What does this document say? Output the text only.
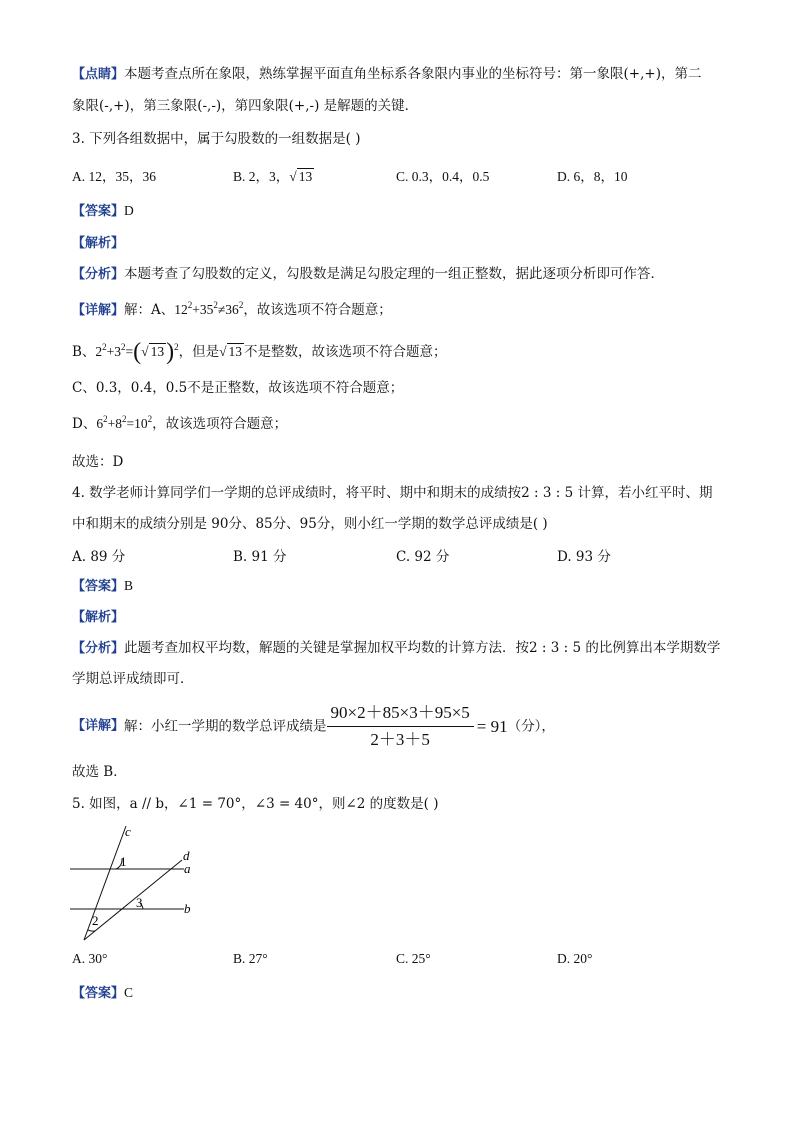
【点睛】本题考查点所在象限，熟练掌握平面直角坐标系各象限内事业的坐标符号：第一象限(+,+)，第二
象限(-,+)，第三象限(-,-)，第四象限(+,-) 是解题的关键．
3. 下列各组数据中，属于勾股数的一组数据是( )
A. 12，35，36	B. 2，3，√ 13	C. 0.3，0.4，0.5	D. 6，8，10
【答案】D
【解析】
【分析】本题考查了勾股数的定义，勾股数是满足勾股定理的一组正整数，据此逐项分析即可作答．
【详解】解：A、$12^2+35^2\ne 36^2$，故该选项不符合题意；
B、$2^2+3^2=(√$ 13)$^2$，但是√ 13 不是整数，故该选项不符合题意；
C、0.3，0.4，0.5不是正整数，故该选项不符合题意；
D、$6^2+8^2=10^2$，故该选项符合题意；
故选：D
4. 数学老师计算同学们一学期的总评成绩时，将平时、期中和期末的成绩按2 : 3 : 5 计算，若小红平时、期
中和期末的成绩分别是 90分、85分、95分，则小红一学期的数学总评成绩是( )
A. 89 分	B. 91 分	C. 92 分	D. 93 分
【答案】B
【解析】
【分析】此题考查加权平均数，解题的关键是掌握加权平均数的计算方法．按2 : 3 : 5 的比例算出本学期数学
学期总评成绩即可．
【详解】解：小红一学期的数学总评成绩是 $\frac{90\times 2+85\times 3+95\times 5}{2+3+5} = 91$（分），
故选 B．
5. 如图，a // b，∠1 = 70°，∠3 = 40°，则∠2 的度数是( )
c
d
a
b
1
2
3
A. 30°	B. 27°	C. 25°	D. 20°
【答案】C
